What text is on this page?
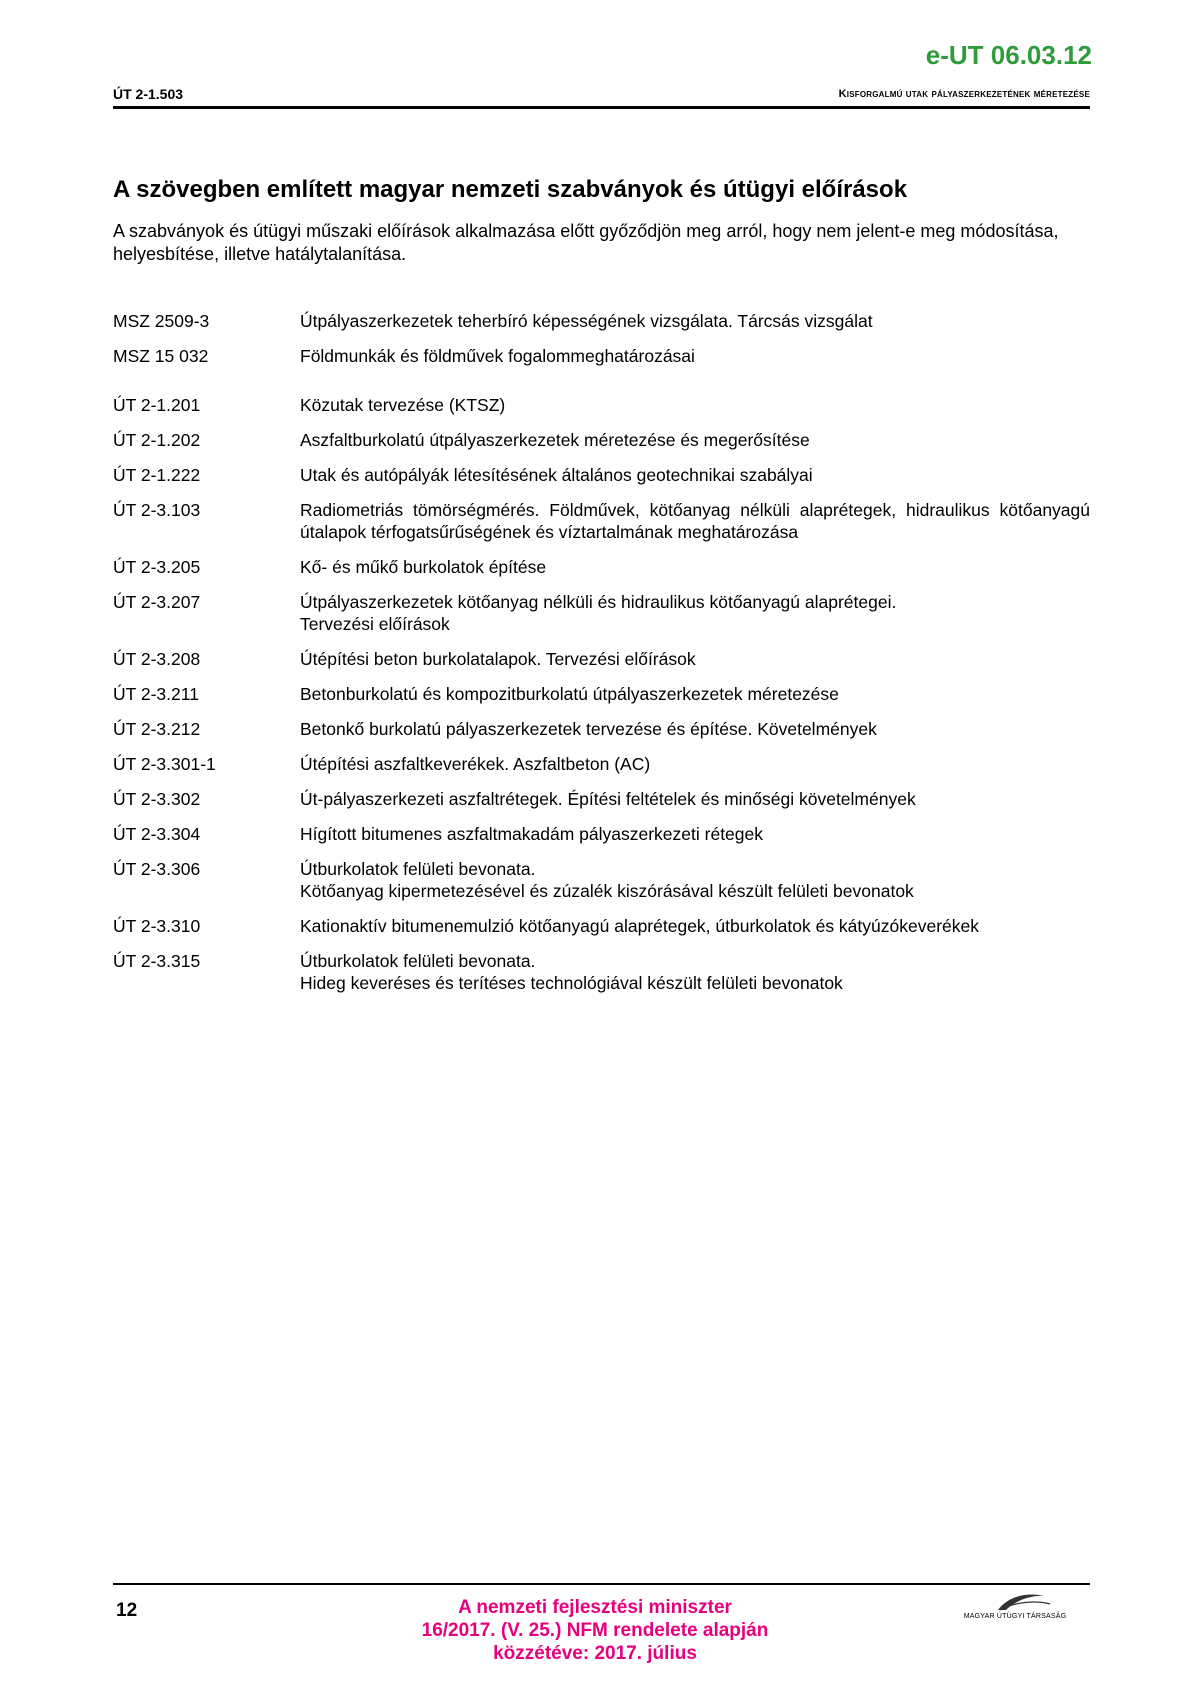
e-UT 06.03.12
ÚT 2-1.503	Kisforgalmú utak pályaszerkezetének méretezése
A szövegben említett magyar nemzeti szabványok és útügyi előírások

A szabványok és útügyi műszaki előírások alkalmazása előtt győződjön meg arról, hogy nem jelent-e meg módosítása, helyesbítése, illetve hatálytalanítása.

MSZ 2509-3	Útpályaszerkezetek teherbíró képességének vizsgálata. Tárcsás vizsgálat
MSZ 15 032	Földmunkák és földművek fogalommeghatározásai
ÚT 2-1.201	Közutak tervezése (KTSZ)
ÚT 2-1.202	Aszfaltburkolatú útpályaszerkezetek méretezése és megerősítése
ÚT 2-1.222	Utak és autópályák létesítésének általános geotechnikai szabályai
ÚT 2-3.103	Radiometriás tömörségmérés. Földművek, kötőanyag nélküli alaprétegek, hidraulikus kötőanyagú útalapok térfogatsűrűségének és víztartalmának meghatározása
ÚT 2-3.205	Kő- és műkő burkolatok építése
ÚT 2-3.207	Útpályaszerkezetek kötőanyag nélküli és hidraulikus kötőanyagú alaprétegei.
Tervezési előírások
ÚT 2-3.208	Útépítési beton burkolatalapok. Tervezési előírások
ÚT 2-3.211	Betonburkolatú és kompozitburkolatú útpályaszerkezetek méretezése
ÚT 2-3.212	Betonkő burkolatú pályaszerkezetek tervezése és építése. Követelmények
ÚT 2-3.301-1	Útépítési aszfaltkeverékek. Aszfaltbeton (AC)
ÚT 2-3.302	Út-pályaszerkezeti aszfaltrétegek. Építési feltételek és minőségi követelmények
ÚT 2-3.304	Hígított bitumenes aszfaltmakadám pályaszerkezeti rétegek
ÚT 2-3.306	Útburkolatok felületi bevonata.
Kötőanyag kipermetezésével és zúzalék kiszórásával készült felületi bevonatok
ÚT 2-3.310	Kationaktív bitumenemulzió kötőanyagú alaprétegek, útburkolatok és kátyúzókeverékek
ÚT 2-3.315	Útburkolatok felületi bevonata.
Hideg keveréses és terítéses technológiával készült felületi bevonatok
12	A nemzeti fejlesztési miniszter
16/2017. (V. 25.) NFM rendelete alapján
közzétéve: 2017. július
MAGYAR ÚTÜGYI TÁRSASÁG
